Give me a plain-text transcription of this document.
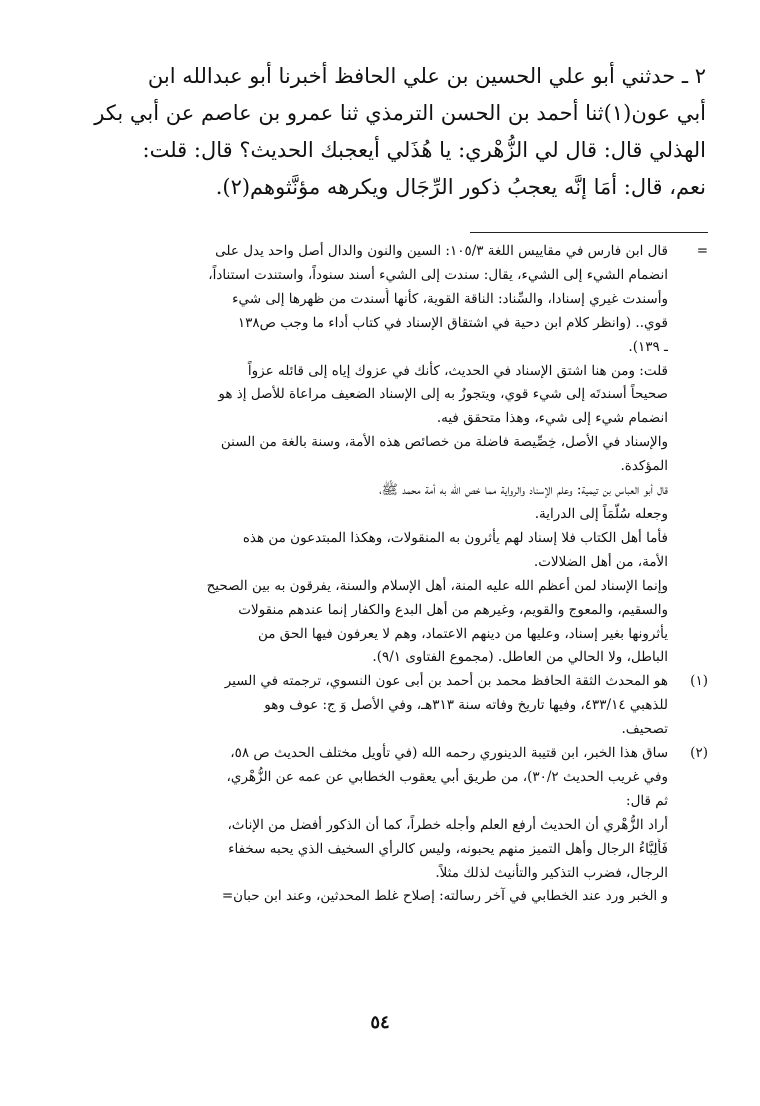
٢ ـ حدثني أبو علي الحسين بن علي الحافظ أخبرنا أبو عبدالله ابن
أبي عون(١)ثنا أحمد بن الحسن الترمذي ثنا عمرو بن عاصم عن أبي بكر
الهذلي قال: قال لي الزُّهْري: يا هُذَلي أيعجبك الحديث؟ قال: قلت:
نعم، قال: أمَا إنَّه يعجبُ ذكور الرِّجَال ويكرهه مؤنَّثوهم(٢).
=
قال ابن فارس في مقاييس اللغة ١٠٥/٣: السين والنون والدال أصل واحد يدل على
انضمام الشيء إلى الشيء، يقال: سندت إلى الشيء أسند سنوداً، واستندت استناداً،
وأسندت غيري إسنادا، والسِّناد: الناقة القوية، كأنها أُسندت من ظهرها إلى شيء
قوي.. (وانظر كلام ابن دحية في اشتقاق الإسناد في كتاب أداء ما وجب ص١٣٨
ـ ١٣٩).
قلت: ومن هنا اشتق الإسناد في الحديث، كأنك في عزوك إياه إلى قائله عزواً
صحيحاً أسندتَه إلى شيء قوي، ويتجوزُ به إلى الإسناد الضعيف مراعاة للأصل إذ هو
انضمام شيء إلى شيء، وهذا متحقق فيه.
والإسناد في الأصل، خِصِّيصة فاضلة من خصائص هذه الأمة، وسنة بالغة من السنن
المؤكدة.
قال أبو العباس بن تيمية: وعلم الإسناد والرواية مما خص الله به أمة محمد ﷺ،
وجعله سُلَّمَاً إلى الدراية.
فأما أهل الكتاب فلا إسناد لهم يأثرون به المنقولات، وهكذا المبتدعون من هذه
الأمة، من أهل الضلالات.
وإنما الإسناد لمن أعظم الله عليه المنة، أهل الإسلام والسنة، يفرقون به بين الصحيح
والسقيم، والمعوج والقويم، وغيرهم من أهل البدع والكفار إنما عندهم منقولات
يأثرونها بغير إسناد، وعليها من دينهم الاعتماد، وهم لا يعرفون فيها الحق من
الباطل، ولا الحالي من العاطل. (مجموع الفتاوى ٩/١).
(١)
هو المحدث الثقة الحافظ محمد بن أحمد بن أبى عون النسوي، ترجمته في السير
للذهبي ٤٣٣/١٤، وفيها تاريخ وفاته سنة ٣١٣هـ، وفي الأصل وَ ج: عوف وهو
تصحيف.
(٢)
ساق هذا الخبر، ابن قتيبة الدينوري رحمه الله (في تأويل مختلف الحديث ص ٥٨،
وفي غريب الحديث ٣٠/٢)، من طريق أبي يعقوب الخطابي عن عمه عن الزُّهْري،
ثم قال:
أراد الزُّهْري أن الحديث أرفع العلم وأجله خطراً، كما أن الذكور أفضل من الإناث،
فَأَلِبَّاءُ الرجال وأهل التميز منهم يحبونه، وليس كالرأي السخيف الذي يحبه سخفاء
الرجال، فضرب التذكير والتأنيث لذلك مثلاً.
و الخبر ورد عند الخطابي في آخر رسالته: إصلاح غلط المحدثين، وعند ابن حبان=
٥٤
